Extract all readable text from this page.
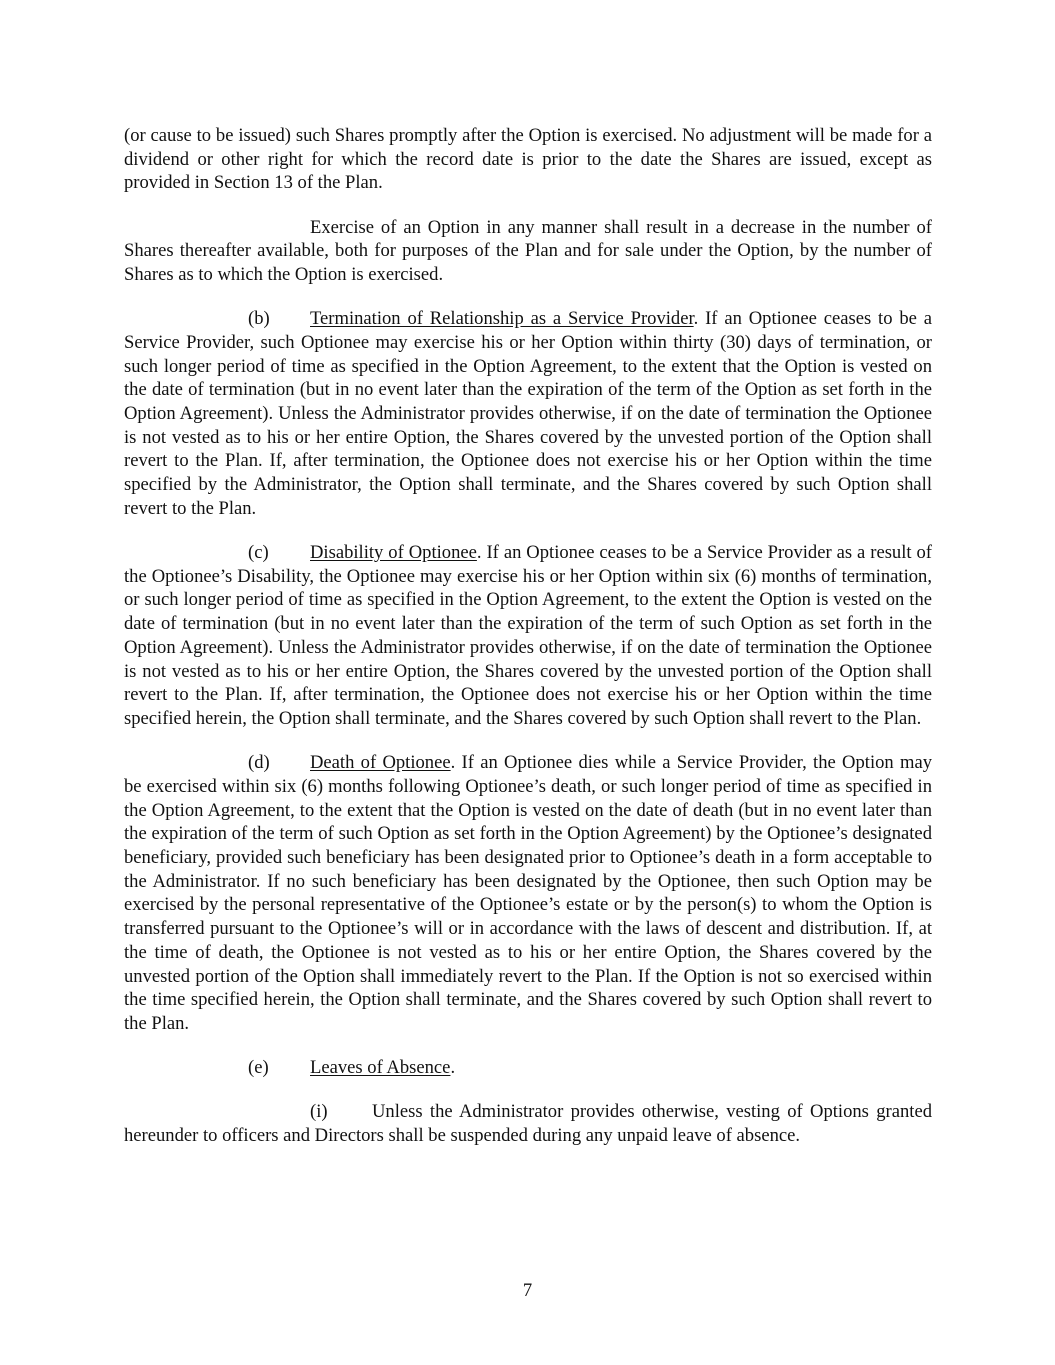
(or cause to be issued) such Shares promptly after the Option is exercised. No adjustment will be made for a dividend or other right for which the record date is prior to the date the Shares are issued, except as provided in Section 13 of the Plan.

Exercise of an Option in any manner shall result in a decrease in the number of Shares thereafter available, both for purposes of the Plan and for sale under the Option, by the number of Shares as to which the Option is exercised.

(b) Termination of Relationship as a Service Provider. If an Optionee ceases to be a Service Provider, such Optionee may exercise his or her Option within thirty (30) days of termination, or such longer period of time as specified in the Option Agreement, to the extent that the Option is vested on the date of termination (but in no event later than the expiration of the term of the Option as set forth in the Option Agreement). Unless the Administrator provides otherwise, if on the date of termination the Optionee is not vested as to his or her entire Option, the Shares covered by the unvested portion of the Option shall revert to the Plan. If, after termination, the Optionee does not exercise his or her Option within the time specified by the Administrator, the Option shall terminate, and the Shares covered by such Option shall revert to the Plan.

(c) Disability of Optionee. If an Optionee ceases to be a Service Provider as a result of the Optionee’s Disability, the Optionee may exercise his or her Option within six (6) months of termination, or such longer period of time as specified in the Option Agreement, to the extent the Option is vested on the date of termination (but in no event later than the expiration of the term of such Option as set forth in the Option Agreement). Unless the Administrator provides otherwise, if on the date of termination the Optionee is not vested as to his or her entire Option, the Shares covered by the unvested portion of the Option shall revert to the Plan. If, after termination, the Optionee does not exercise his or her Option within the time specified herein, the Option shall terminate, and the Shares covered by such Option shall revert to the Plan.

(d) Death of Optionee. If an Optionee dies while a Service Provider, the Option may be exercised within six (6) months following Optionee’s death, or such longer period of time as specified in the Option Agreement, to the extent that the Option is vested on the date of death (but in no event later than the expiration of the term of such Option as set forth in the Option Agreement) by the Optionee’s designated beneficiary, provided such beneficiary has been designated prior to Optionee’s death in a form acceptable to the Administrator. If no such beneficiary has been designated by the Optionee, then such Option may be exercised by the personal representative of the Optionee’s estate or by the person(s) to whom the Option is transferred pursuant to the Optionee’s will or in accordance with the laws of descent and distribution. If, at the time of death, the Optionee is not vested as to his or her entire Option, the Shares covered by the unvested portion of the Option shall immediately revert to the Plan. If the Option is not so exercised within the time specified herein, the Option shall terminate, and the Shares covered by such Option shall revert to the Plan.

(e) Leaves of Absence.

(i) Unless the Administrator provides otherwise, vesting of Options granted hereunder to officers and Directors shall be suspended during any unpaid leave of absence.

7
